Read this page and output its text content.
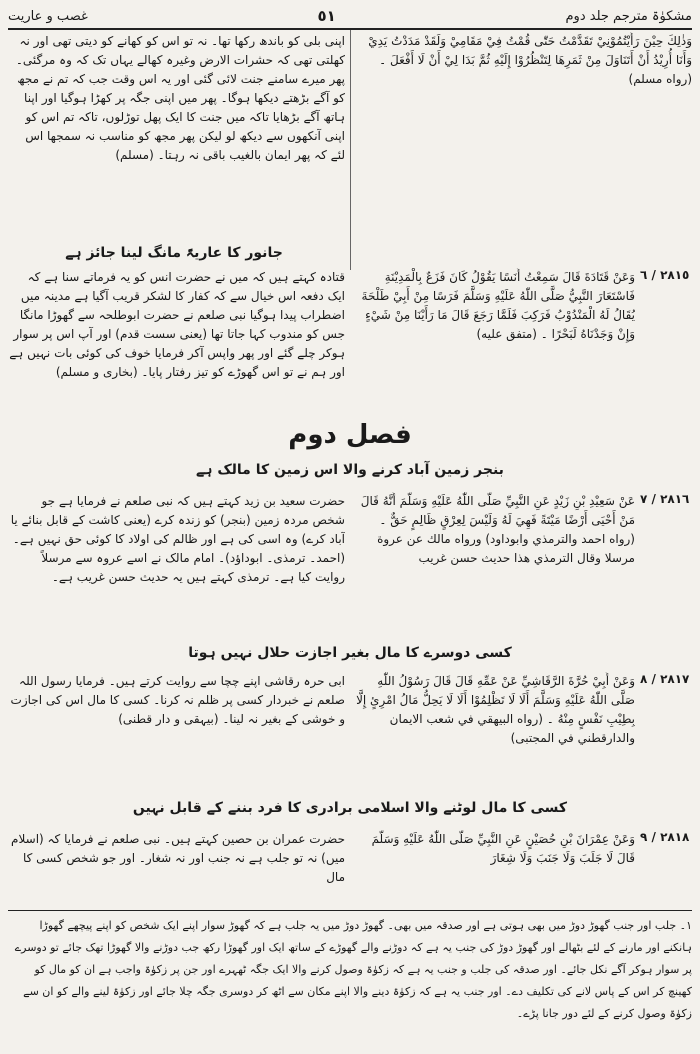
مشکوٰۃ مترجم جلد دوم
٥١
غصب و عاریت

وَذٰلِكَ حِيْنَ رَأَيْتُمُوْنِيْ تَقَدَّمْتُ حَتّٰى قُمْتُ فِيْ مَقَامِيْ وَلَقَدْ مَدَدْتُ يَدِيْ وَأَنَا أُرِيْدُ أَنْ أَتَنَاوَلَ مِنْ ثَمَرِهَا لِتَنْظُرُوْا إِلَيْهِ ثُمَّ بَدَا لِيْ أَنْ لَا أَفْعَلَ ۔ (رواه مسلم)

اپنی بلی کو باندھ رکھا تھا۔ نہ تو اس کو کھانے کو دیتی تھی اور نہ کھلتی تھی کہ حشرات الارض وغیرہ کھالے یہاں تک کہ وہ مرگئی۔ پھر میرے سامنے جنت لائی گئی اور یہ اس وقت جب کہ تم نے مجھ کو آگے بڑھتے دیکھا ہوگا۔ پھر میں اپنی جگہ پر کھڑا ہوگیا اور اپنا ہاتھ آگے بڑھایا تاکہ میں جنت کا ایک پھل توڑلوں، تاکہ تم اس کو اپنی آنکھوں سے دیکھ لو لیکن پھر مجھ کو مناسب نہ سمجھا اس لئے کہ پھر ایمان بالغیب باقی نہ رہتا۔ (مسلم)

جانور کا عاریۃً مانگ لینا جائز ہے
٢٨١٥ / ٦

وَعَنْ قَتَادَةَ قَالَ سَمِعْتُ أَنَسًا يَقُوْلُ كَانَ فَزَعٌ بِالْمَدِيْنَةِ فَاسْتَعَارَ النَّبِيُّ صَلَّى اللّٰهُ عَلَيْهِ وَسَلَّمَ فَرَسًا مِنْ أَبِيْ طَلْحَةَ يُقَالُ لَهُ الْمَنْدُوْبُ فَرَكِبَ فَلَمَّا رَجَعَ قَالَ مَا رَأَيْنَا مِنْ شَيْءٍ وَإِنْ وَجَدْنَاهُ لَبَحْرًا ۔ (متفق عليه)

قتادہ کہتے ہیں کہ میں نے حضرت انس کو یہ فرماتے سنا ہے کہ ایک دفعہ اس خیال سے کہ کفار کا لشکر قریب آگیا ہے مدینہ میں اضطراب پیدا ہوگیا نبی صلعم نے حضرت ابوطلحہ سے گھوڑا مانگا جس کو مندوب کہا جاتا تھا (یعنی سست قدم) اور آپ اس پر سوار ہوکر چلے گئے اور پھر واپس آکر فرمایا خوف کی کوئی بات نہیں ہے اور ہم نے تو اس گھوڑے کو تیز رفتار پایا۔ (بخاری و مسلم)

فصل دوم
بنجر زمین آباد کرنے والا اس زمین کا مالک ہے
٢٨١٦ / ٧

عَنْ سَعِيْدِ بْنِ زَيْدٍ عَنِ النَّبِيِّ صَلَّى اللّٰهُ عَلَيْهِ وَسَلَّمَ أَنَّهُ قَالَ مَنْ أَحْيَى أَرْضًا مَيْتَةً فَهِيَ لَهُ وَلَيْسَ لِعِرْقٍ ظَالِمٍ حَقٌّ ۔ (رواه احمد والترمذي وابوداود) ورواه مالك عن عروة مرسلا وقال الترمذي هذا حديث حسن غريب

حضرت سعید بن زید کہتے ہیں کہ نبی صلعم نے فرمایا ہے جو شخص مردہ زمین (بنجر) کو زندہ کرے (یعنی کاشت کے قابل بنائے یا آباد کرے) وہ اسی کی ہے اور ظالم کی اولاد کا کوئی حق نہیں ہے۔ (احمد۔ ترمذی۔ ابوداؤد)۔ امام مالک نے اسے عروہ سے مرسلاً روایت کیا ہے۔ ترمذی کہتے ہیں یہ حدیث حسن غریب ہے۔

کسی دوسرے کا مال بغیر اجازت حلال نہیں ہوتا
٢٨١٧ / ٨

وَعَنْ أَبِيْ حُرَّةَ الرَّقَاشِيِّ عَنْ عَمِّهِ قَالَ قَالَ رَسُوْلُ اللّٰهِ صَلَّى اللّٰهُ عَلَيْهِ وَسَلَّمَ أَلَا لَا تَظْلِمُوْا أَلَا لَا يَحِلُّ مَالُ امْرِئٍ إِلَّا بِطِيْبِ نَفْسٍ مِنْهُ ۔ (رواه البيهقي في شعب الايمان والدارقطني في المجتبى)

ابی حرہ رقاشی اپنے چچا سے روایت کرتے ہیں۔ فرمایا رسول اللہ صلعم نے خبردار کسی پر ظلم نہ کرنا۔ کسی کا مال اس کی اجازت و خوشی کے بغیر نہ لینا۔ (بیہقی و دار قطنی)

کسی کا مال لوٹنے والا اسلامی برادری کا فرد بننے کے قابل نہیں
٢٨١٨ / ٩

وَعَنْ عِمْرَانَ بْنِ حُصَيْنٍ عَنِ النَّبِيِّ صَلَّى اللّٰهُ عَلَيْهِ وَسَلَّمَ قَالَ لَا جَلَبَ وَلَا جَنَبَ وَلَا شِغَارَ

حضرت عمران بن حصین کہتے ہیں۔ نبی صلعم نے فرمایا کہ (اسلام میں) نہ تو جلب ہے نہ جنب اور نہ شغار۔ اور جو شخص کسی کا مال

١۔ جلب اور جنب گھوڑ دوڑ میں بھی ہوتی ہے اور صدقہ میں بھی۔ گھوڑ دوڑ میں یہ جلب ہے کہ گھوڑ سوار اپنے ایک شخص کو اپنے پیچھے گھوڑا ہانکنے اور مارنے کے لئے بٹھالے اور گھوڑ دوڑ کی جنب یہ ہے کہ دوڑنے والے گھوڑے کے ساتھ ایک اور گھوڑا رکھ جب دوڑنے والا گھوڑا تھک جائے تو دوسرے پر سوار ہوکر آگے نکل جائے۔ اور صدقہ کی جلب و جنب یہ ہے کہ زکوٰۃ وصول کرنے والا ایک جگہ ٹھہرے اور جن پر زکوٰۃ واجب ہے ان کو مال کو کھینچ کر اس کے پاس لانے کی تکلیف دے۔ اور جنب یہ ہے کہ زکوٰۃ دینے والا اپنے مکان سے اٹھ کر دوسری جگہ چلا جائے اور زکوٰۃ لینے والے کو ان سے زکوٰۃ وصول کرنے کے لئے دور جانا پڑے۔
